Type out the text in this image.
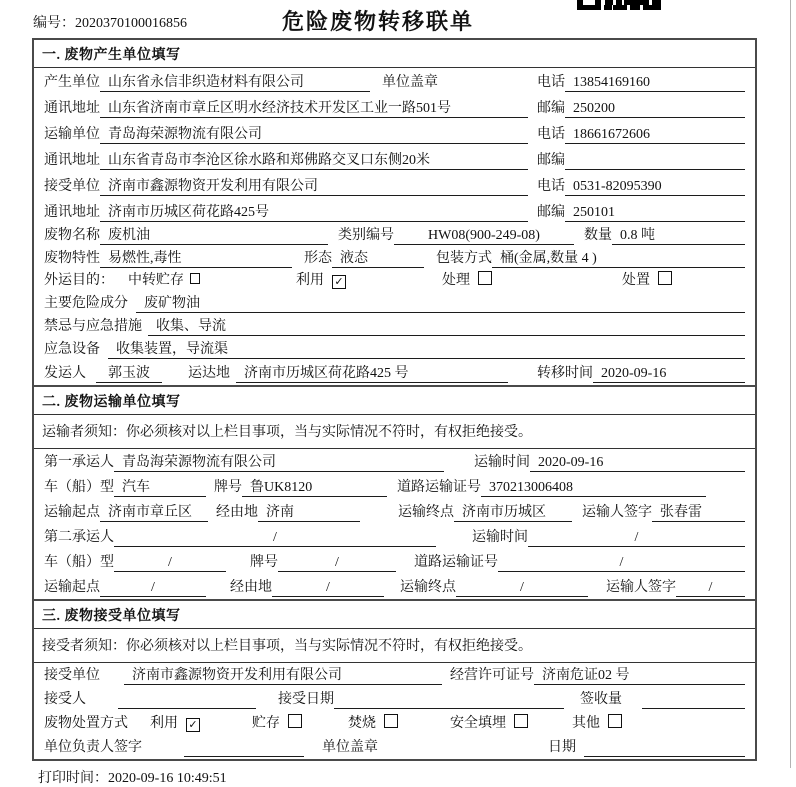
编号：2020370100016856	危险废物转移联单
一. 废物产生单位填写
产生单位 山东省永信非织造材料有限公司	单位盖章	电话 13854169160
通讯地址 山东省济南市章丘区明水经济技术开发区工业一路501号	邮编 250200
运输单位 青岛海荣源物流有限公司	电话 18661672606
通讯地址 山东省青岛市李沧区徐水路和郑佛路交叉口东侧20米	邮编
接受单位 济南市鑫源物资开发利用有限公司	电话 0531-82095390
通讯地址 济南市历城区荷花路425号	邮编 250101
废物名称 废机油	类别编号	HW08(900-249-08)	数量 0.8 吨
废物特性 易燃性,毒性	形态 液态	包装方式 桶(金属,数量 4 )
外运目的： 中转贮存	利用 ✓	处理	处置
主要危险成分	废矿物油
禁忌与应急措施	收集、导流
应急设备	收集装置，导流渠
发运人	郭玉波	运达地	济南市历城区荷花路425 号	转移时间 2020-09-16
二. 废物运输单位填写
运输者须知：你必须核对以上栏目事项，当与实际情况不符时，有权拒绝接受。
第一承运人 青岛海荣源物流有限公司	运输时间 2020-09-16
车（船）型 汽车	牌号 鲁UK8120	道路运输证号 370213006408
运输起点 济南市章丘区	经由地 济南	运输终点 济南市历城区	运输人签字 张春雷
第二承运人	/	运输时间	/
车（船）型	/	牌号	/	道路运输证号	/
运输起点	/	经由地	/	运输终点	/	运输人签字	/
三. 废物接受单位填写
接受者须知：你必须核对以上栏目事项，当与实际情况不符时，有权拒绝接受。
接受单位	济南市鑫源物资开发利用有限公司	经营许可证号 济南危证02 号
接受人	接受日期	签收量
废物处置方式 利用 ✓	贮存	焚烧	安全填埋	其他
单位负责人签字	单位盖章	日期
打印时间：2020-09-16 10:49:51
